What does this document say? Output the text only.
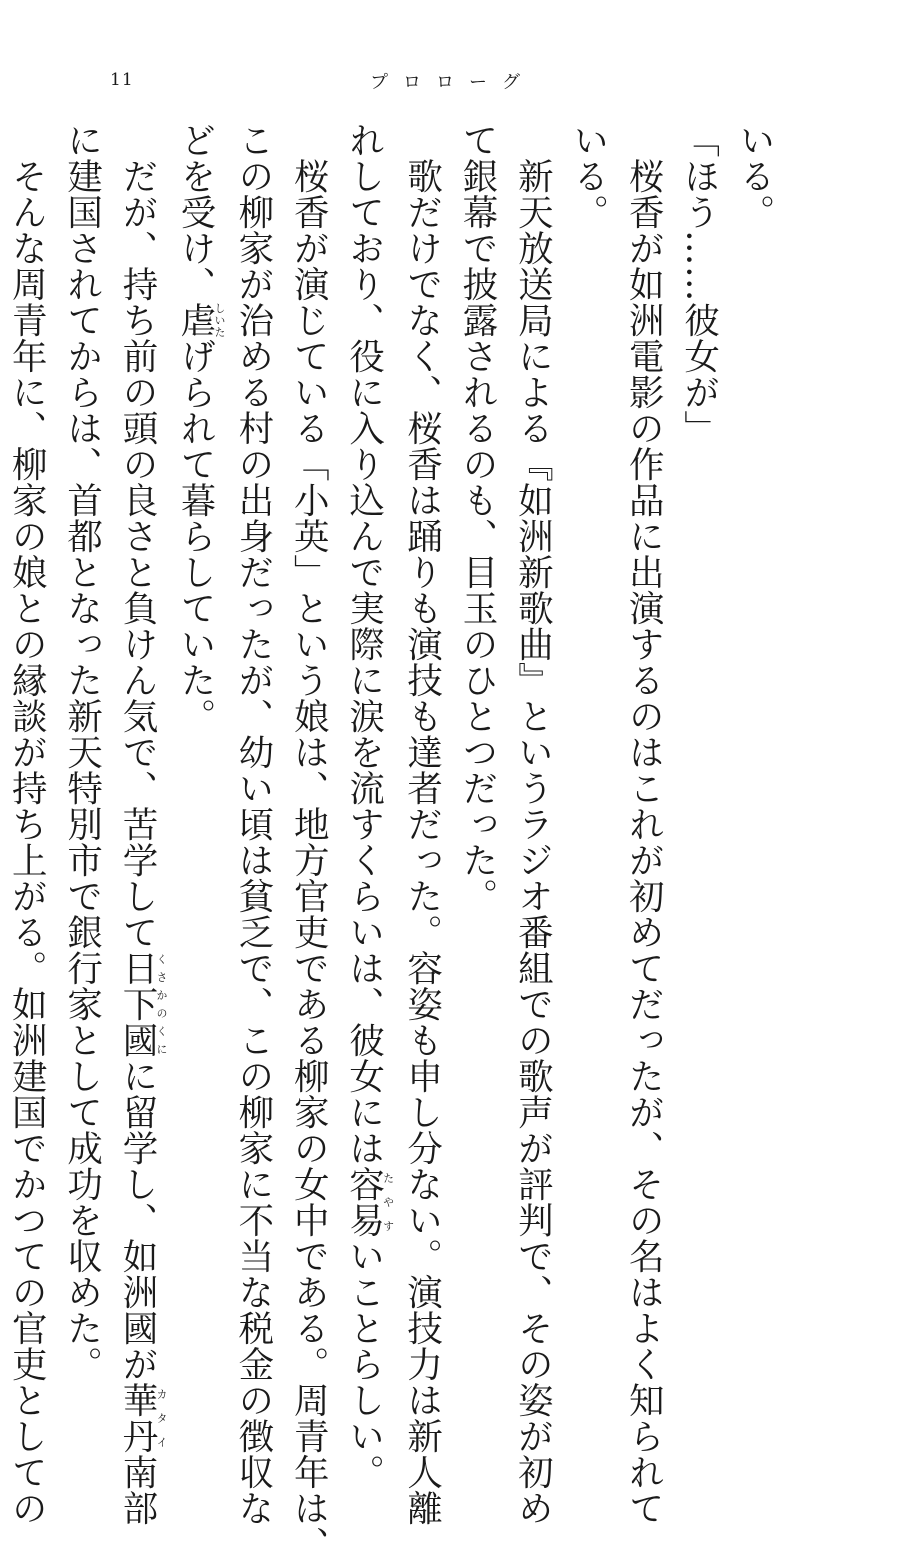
11	プロローグ

いる。

「ほう……彼女が」

　桜香が如洲電影の作品に出演するのはこれが初めてだったが、その名はよく知られて

いる。

　新天放送局による『如洲新歌曲』というラジオ番組での歌声が評判で、その姿が初め

て銀幕で披露されるのも、目玉のひとつだった。

　歌だけでなく、桜香は踊りも演技も達者だった。容姿も申し分ない。演技力は新人離

れしており、役に入り込んで実際に涙を流すくらいは、彼女には容易たやすいことらしい。

　桜香が演じている「小英」という娘は、地方官吏である柳家の女中である。周青年は、

この柳家が治める村の出身だったが、幼い頃は貧乏で、この柳家に不当な税金の徴収な

どを受け、虐しいたげられて暮らしていた。

　だが、持ち前の頭の良さと負けん気で、苦学して日下國くさかのくにに留学し、如洲國が華丹カタイ南部

に建国されてからは、首都となった新天特別市で銀行家として成功を収めた。

　そんな周青年に、柳家の娘との縁談が持ち上がる。如洲建国でかつての官吏としての
